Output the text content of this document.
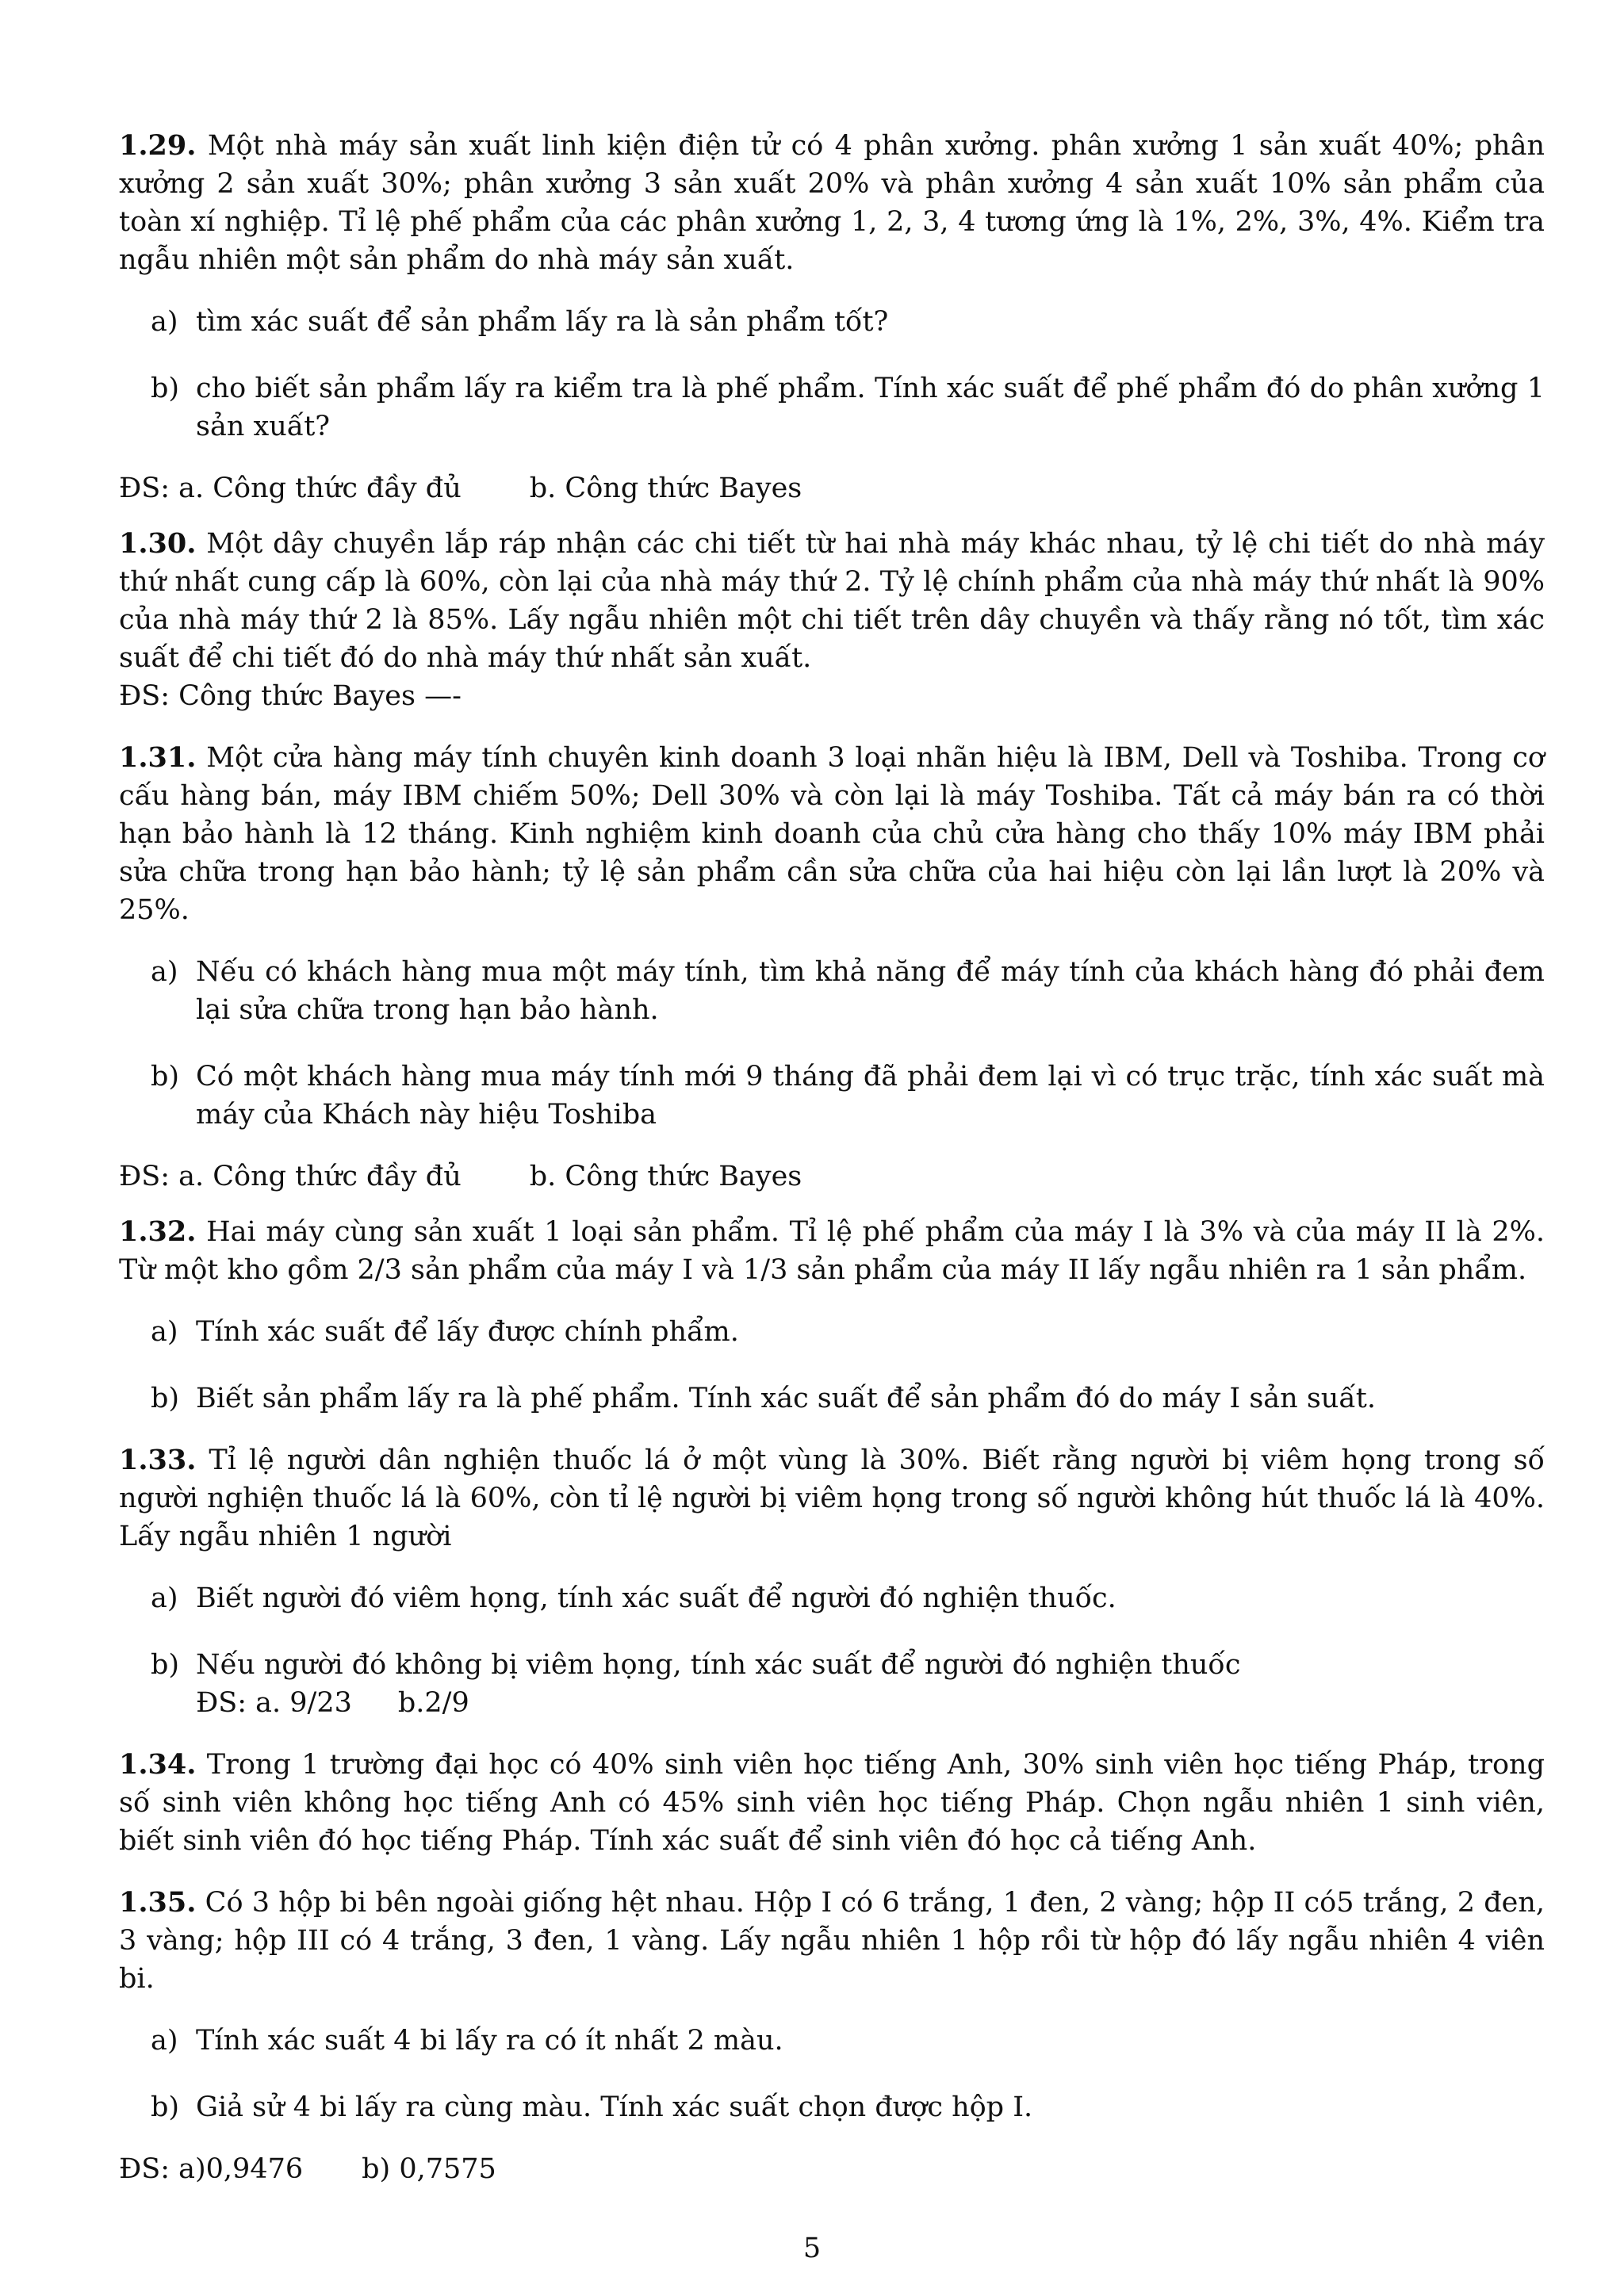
1.29. Một nhà máy sản xuất linh kiện điện tử có 4 phân xưởng. phân xưởng 1 sản xuất 40%; phân xưởng 2 sản xuất 30%; phân xưởng 3 sản xuất 20% và phân xưởng 4 sản xuất 10% sản phẩm của toàn xí nghiệp. Tỉ lệ phế phẩm của các phân xưởng 1, 2, 3, 4 tương ứng là 1%, 2%, 3%, 4%. Kiểm tra ngẫu nhiên một sản phẩm do nhà máy sản xuất.
a) tìm xác suất để sản phẩm lấy ra là sản phẩm tốt?
b) cho biết sản phẩm lấy ra kiểm tra là phế phẩm. Tính xác suất để phế phẩm đó do phân xưởng 1 sản xuất?
ĐS: a. Công thức đầy đủ b. Công thức Bayes
1.30. Một dây chuyền lắp ráp nhận các chi tiết từ hai nhà máy khác nhau, tỷ lệ chi tiết do nhà máy thứ nhất cung cấp là 60%, còn lại của nhà máy thứ 2. Tỷ lệ chính phẩm của nhà máy thứ nhất là 90% của nhà máy thứ 2 là 85%. Lấy ngẫu nhiên một chi tiết trên dây chuyền và thấy rằng nó tốt, tìm xác suất để chi tiết đó do nhà máy thứ nhất sản xuất.
ĐS: Công thức Bayes —-
1.31. Một cửa hàng máy tính chuyên kinh doanh 3 loại nhãn hiệu là IBM, Dell và Toshiba. Trong cơ cấu hàng bán, máy IBM chiếm 50%; Dell 30% và còn lại là máy Toshiba. Tất cả máy bán ra có thời hạn bảo hành là 12 tháng. Kinh nghiệm kinh doanh của chủ cửa hàng cho thấy 10% máy IBM phải sửa chữa trong hạn bảo hành; tỷ lệ sản phẩm cần sửa chữa của hai hiệu còn lại lần lượt là 20% và 25%.
a) Nếu có khách hàng mua một máy tính, tìm khả năng để máy tính của khách hàng đó phải đem lại sửa chữa trong hạn bảo hành.
b) Có một khách hàng mua máy tính mới 9 tháng đã phải đem lại vì có trục trặc, tính xác suất mà máy của Khách này hiệu Toshiba
ĐS: a. Công thức đầy đủ b. Công thức Bayes
1.32. Hai máy cùng sản xuất 1 loại sản phẩm. Tỉ lệ phế phẩm của máy I là 3% và của máy II là 2%. Từ một kho gồm 2/3 sản phẩm của máy I và 1/3 sản phẩm của máy II lấy ngẫu nhiên ra 1 sản phẩm.
a) Tính xác suất để lấy được chính phẩm.
b) Biết sản phẩm lấy ra là phế phẩm. Tính xác suất để sản phẩm đó do máy I sản suất.
1.33. Tỉ lệ người dân nghiện thuốc lá ở một vùng là 30%. Biết rằng người bị viêm họng trong số người nghiện thuốc lá là 60%, còn tỉ lệ người bị viêm họng trong số người không hút thuốc lá là 40%. Lấy ngẫu nhiên 1 người
a) Biết người đó viêm họng, tính xác suất để người đó nghiện thuốc.
b) Nếu người đó không bị viêm họng, tính xác suất để người đó nghiện thuốc
ĐS: a. 9/23 b.2/9
1.34. Trong 1 trường đại học có 40% sinh viên học tiếng Anh, 30% sinh viên học tiếng Pháp, trong số sinh viên không học tiếng Anh có 45% sinh viên học tiếng Pháp. Chọn ngẫu nhiên 1 sinh viên, biết sinh viên đó học tiếng Pháp. Tính xác suất để sinh viên đó học cả tiếng Anh.
1.35. Có 3 hộp bi bên ngoài giống hệt nhau. Hộp I có 6 trắng, 1 đen, 2 vàng; hộp II có5 trắng, 2 đen, 3 vàng; hộp III có 4 trắng, 3 đen, 1 vàng. Lấy ngẫu nhiên 1 hộp rồi từ hộp đó lấy ngẫu nhiên 4 viên bi.
a) Tính xác suất 4 bi lấy ra có ít nhất 2 màu.
b) Giả sử 4 bi lấy ra cùng màu. Tính xác suất chọn được hộp I.
ĐS: a)0,9476 b) 0,7575
5
